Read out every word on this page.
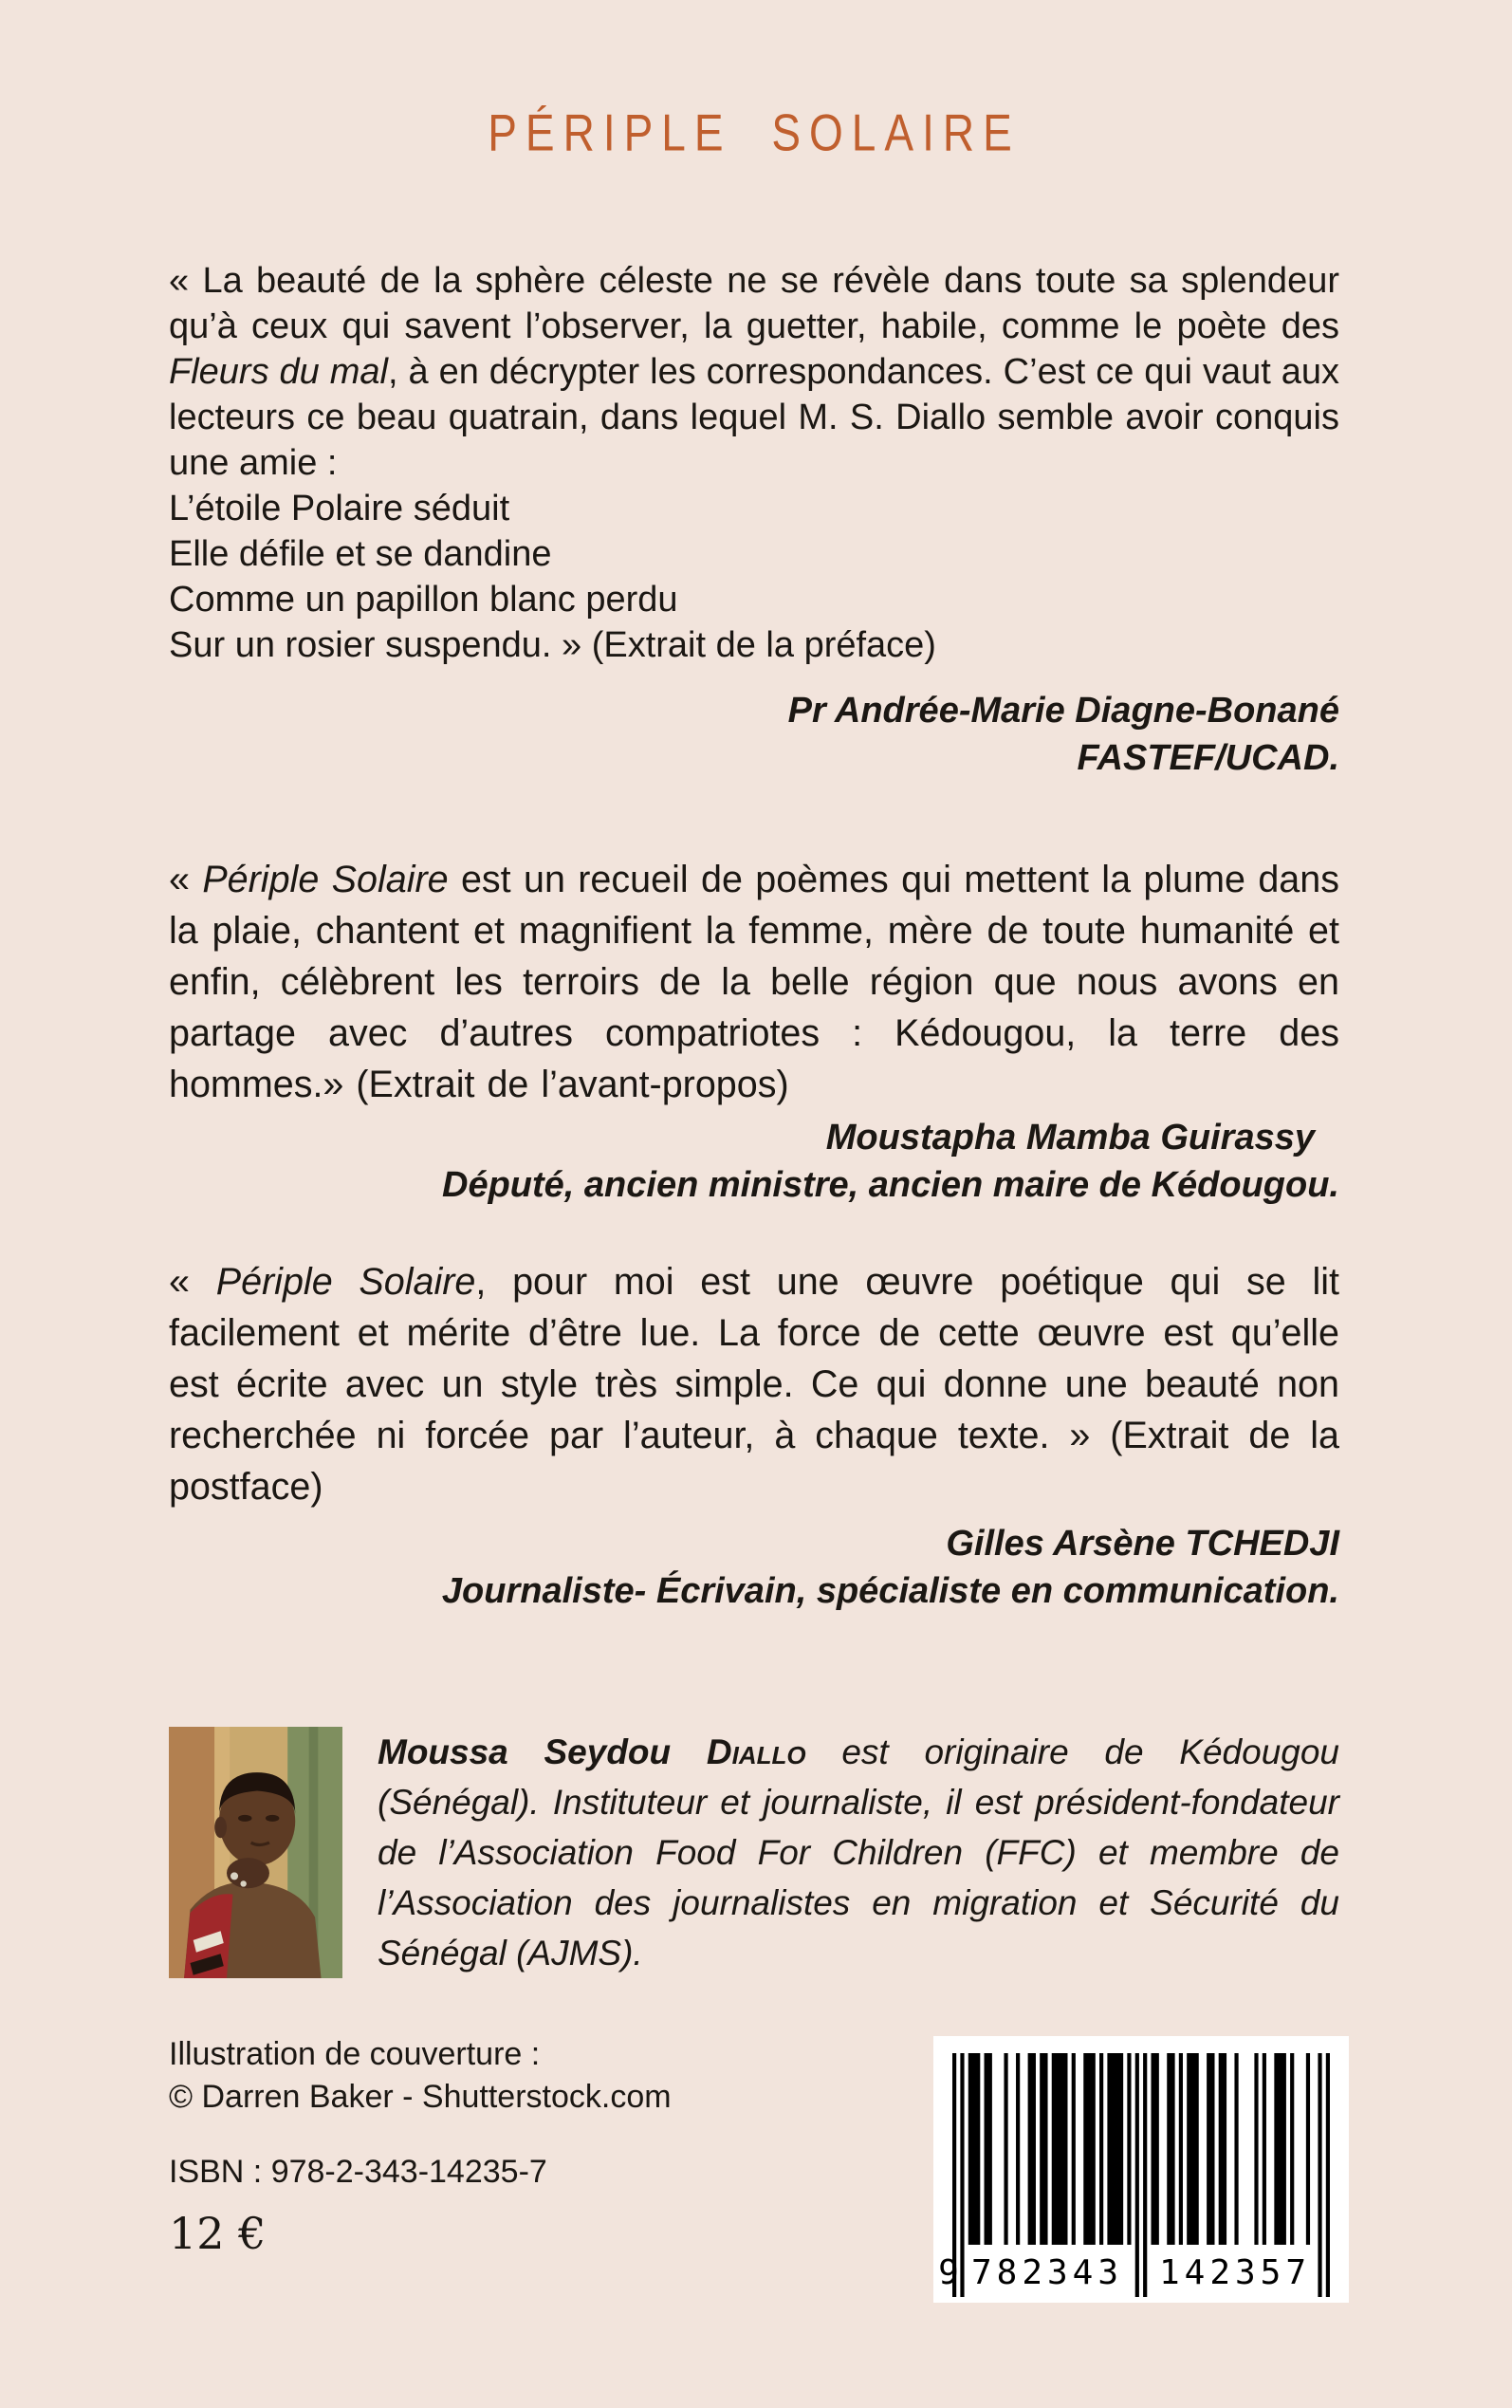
PÉRIPLE SOLAIRE

« La beauté de la sphère céleste ne se révèle dans toute sa splendeur qu’à ceux qui savent l’observer, la guetter, habile, comme le poète des Fleurs du mal, à en décrypter les correspondances. C’est ce qui vaut aux lecteurs ce beau quatrain, dans lequel M. S. Diallo semble avoir conquis une amie :

L’étoile Polaire séduit
Elle défile et se dandine
Comme un papillon blanc perdu
Sur un rosier suspendu. » (Extrait de la préface)
Pr Andrée-Marie Diagne-Bonané
FASTEF/UCAD.

« Périple Solaire est un recueil de poèmes qui mettent la plume dans la plaie, chantent et magnifient la femme, mère de toute humanité et enfin, célèbrent les terroirs de la belle région que nous avons en partage avec d’autres compatriotes : Kédougou, la terre des hommes.» (Extrait de l’avant-propos)

Moustapha Mamba Guirassy
Député, ancien ministre, ancien maire de Kédougou.

« Périple Solaire, pour moi est une œuvre poétique qui se lit facilement et mérite d’être lue. La force de cette œuvre est qu’elle est écrite avec un style très simple. Ce qui donne une beauté non recherchée ni forcée par l’auteur, à chaque texte. » (Extrait de la postface)

Gilles Arsène TCHEDJI
Journaliste- Écrivain, spécialiste en communication.

Moussa Seydou Diallo est originaire de Kédougou (Sénégal). Instituteur et journaliste, il est président-fondateur de l’Association Food For Children (FFC) et membre de l’Association des journalistes en migration et Sécurité du Sénégal (AJMS).

Illustration de couverture :
© Darren Baker - Shutterstock.com
ISBN : 978-2-343-14235-7
12 €
9 782343 142357
